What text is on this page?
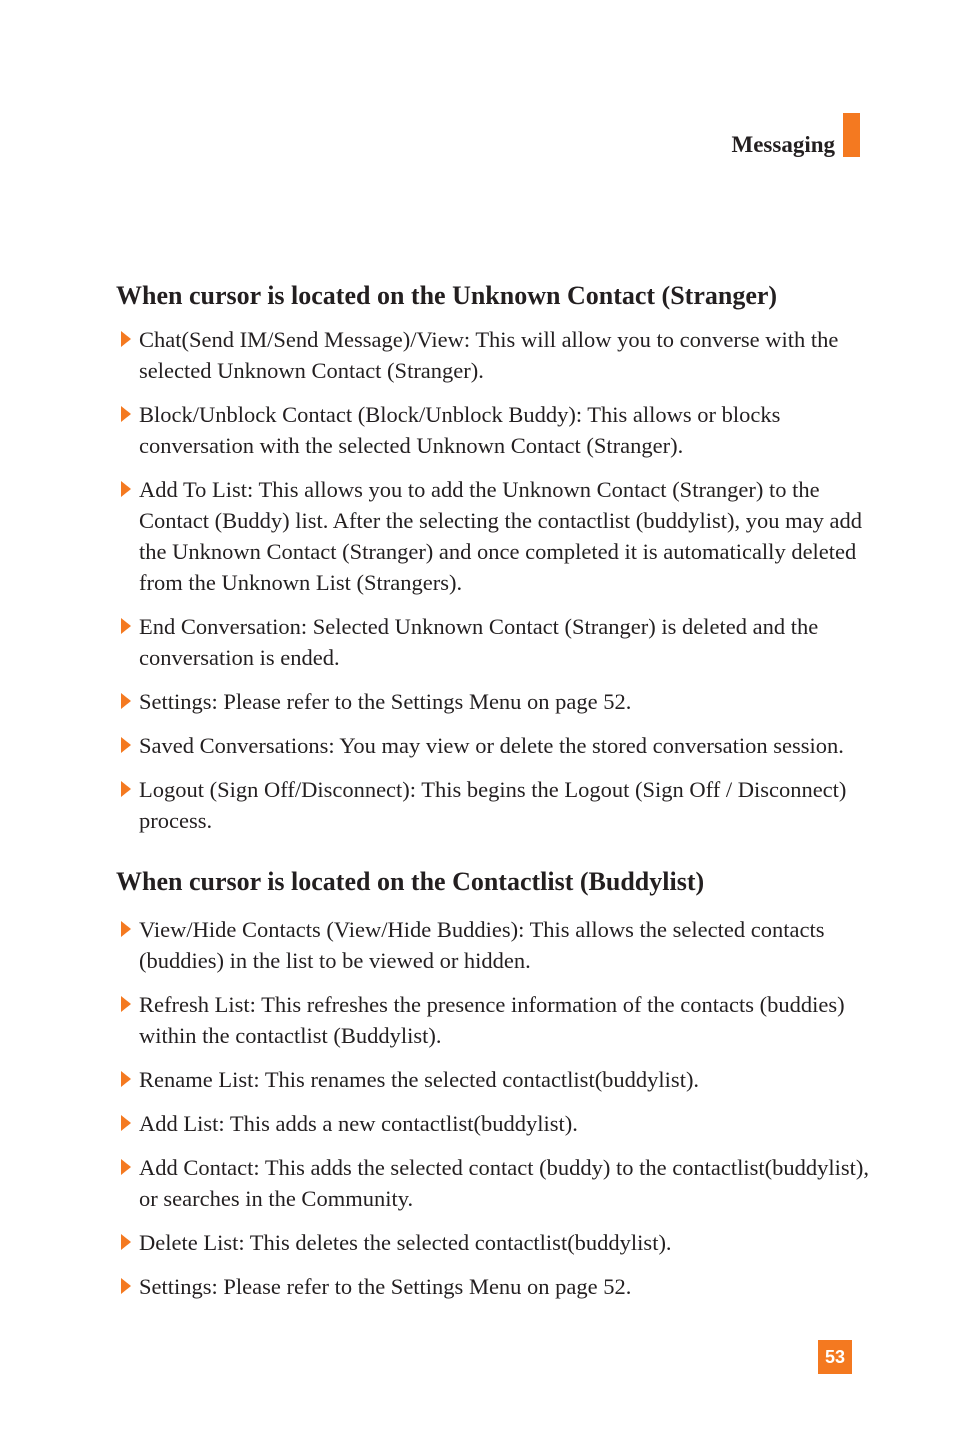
Messaging
When cursor is located on the Unknown Contact (Stranger)
Chat(Send IM/Send Message)/View: This will allow you to converse with the selected Unknown Contact (Stranger).
Block/Unblock Contact (Block/Unblock Buddy): This allows or blocks conversation with the selected Unknown Contact (Stranger).
Add To List: This allows you to add the Unknown Contact (Stranger) to the Contact (Buddy) list. After the selecting the contactlist (buddylist), you may add the Unknown Contact (Stranger) and once completed it is automatically deleted from the Unknown List (Strangers).
End Conversation: Selected Unknown Contact (Stranger) is deleted and the conversation is ended.
Settings: Please refer to the Settings Menu on page 52.
Saved Conversations: You may view or delete the stored conversation session.
Logout (Sign Off/Disconnect): This begins the Logout (Sign Off / Disconnect) process.
When cursor is located on the Contactlist (Buddylist)
View/Hide Contacts (View/Hide Buddies): This allows the selected contacts (buddies) in the list to be viewed or hidden.
Refresh List: This refreshes the presence information of the contacts (buddies) within the contactlist (Buddylist).
Rename List: This renames the selected contactlist(buddylist).
Add List: This adds a new contactlist(buddylist).
Add Contact: This adds the selected contact (buddy) to the contactlist(buddylist), or searches in the Community.
Delete List: This deletes the selected contactlist(buddylist).
Settings: Please refer to the Settings Menu on page 52.
53
